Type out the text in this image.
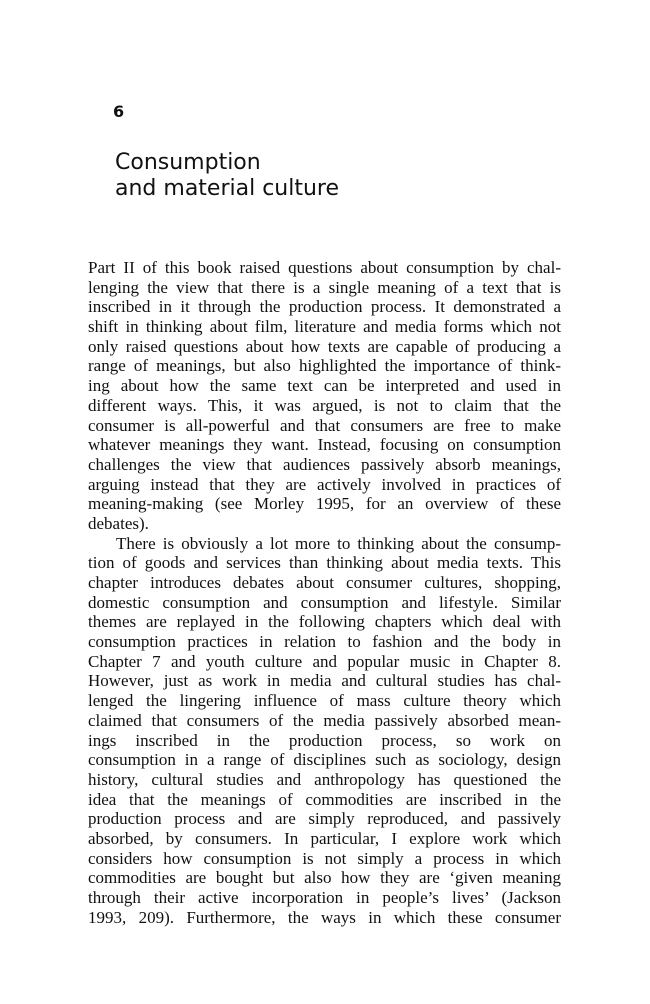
6
Consumption
and material culture
Part II of this book raised questions about consumption by chal-
lenging the view that there is a single meaning of a text that is
inscribed in it through the production process. It demonstrated a
shift in thinking about film, literature and media forms which not
only raised questions about how texts are capable of producing a
range of meanings, but also highlighted the importance of think-
ing about how the same text can be interpreted and used in
different ways. This, it was argued, is not to claim that the
consumer is all-powerful and that consumers are free to make
whatever meanings they want. Instead, focusing on consumption
challenges the view that audiences passively absorb meanings,
arguing instead that they are actively involved in practices of
meaning-making (see Morley 1995, for an overview of these
debates).
There is obviously a lot more to thinking about the consump-
tion of goods and services than thinking about media texts. This
chapter introduces debates about consumer cultures, shopping,
domestic consumption and consumption and lifestyle. Similar
themes are replayed in the following chapters which deal with
consumption practices in relation to fashion and the body in
Chapter 7 and youth culture and popular music in Chapter 8.
However, just as work in media and cultural studies has chal-
lenged the lingering influence of mass culture theory which
claimed that consumers of the media passively absorbed mean-
ings inscribed in the production process, so work on
consumption in a range of disciplines such as sociology, design
history, cultural studies and anthropology has questioned the
idea that the meanings of commodities are inscribed in the
production process and are simply reproduced, and passively
absorbed, by consumers. In particular, I explore work which
considers how consumption is not simply a process in which
commodities are bought but also how they are ‘given meaning
through their active incorporation in people’s lives’ (Jackson
1993, 209). Furthermore, the ways in which these consumer
